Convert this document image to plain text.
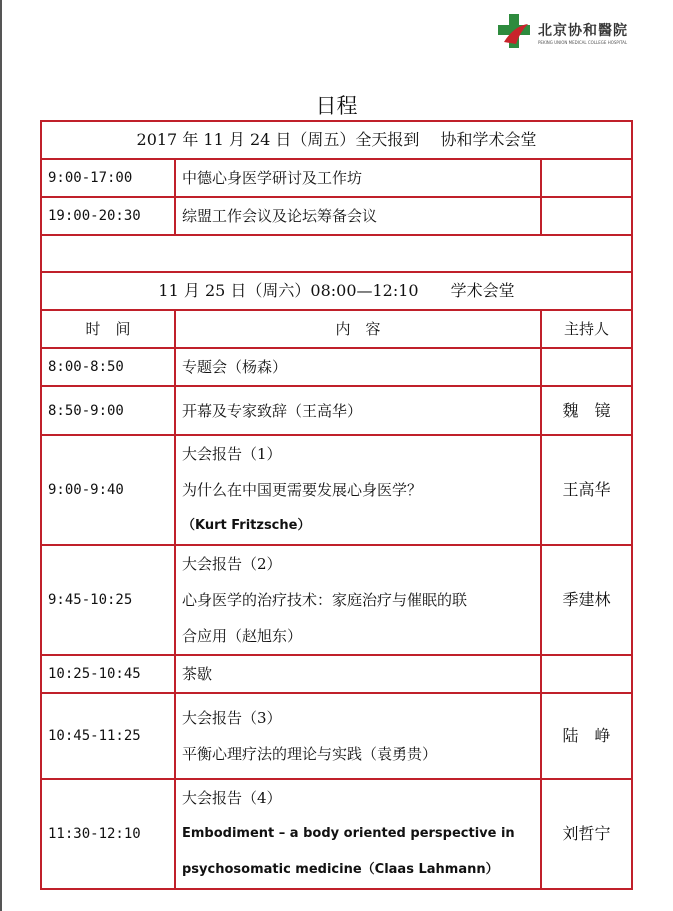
北京协和醫院
PEKING UNION MEDICAL COLLEGE HOSPITAL
日程
2017 年 11 月 24 日（周五）全天报到　 协和学术会堂		
9:00-17:00	中德心身医学研讨及工作坊	
19:00-20:30	综盟工作会议及论坛筹备会议	

11 月 25 日（周六）08:00—12:10　　学术会堂		
时　间	内　容	主持人
8:00-8:50	专题会（杨森）	

8:50-9:00	开幕及专家致辞（王高华）	魏　镜
9:00-9:40	大会报告（1）
为什么在中国更需要发展心身医学？
（Kurt Fritzsche）	王高华
9:45-10:25	大会报告（2）
心身医学的治疗技术：家庭治疗与催眠的联
合应用（赵旭东）	季建林
10:25-10:45	茶歇	

10:45-11:25	大会报告（3）
平衡心理疗法的理论与实践（袁勇贵）	陆　峥
11:30-12:10	大会报告（4）
Embodiment – a body oriented perspective in
psychosomatic medicine（Claas Lahmann）	刘哲宁
